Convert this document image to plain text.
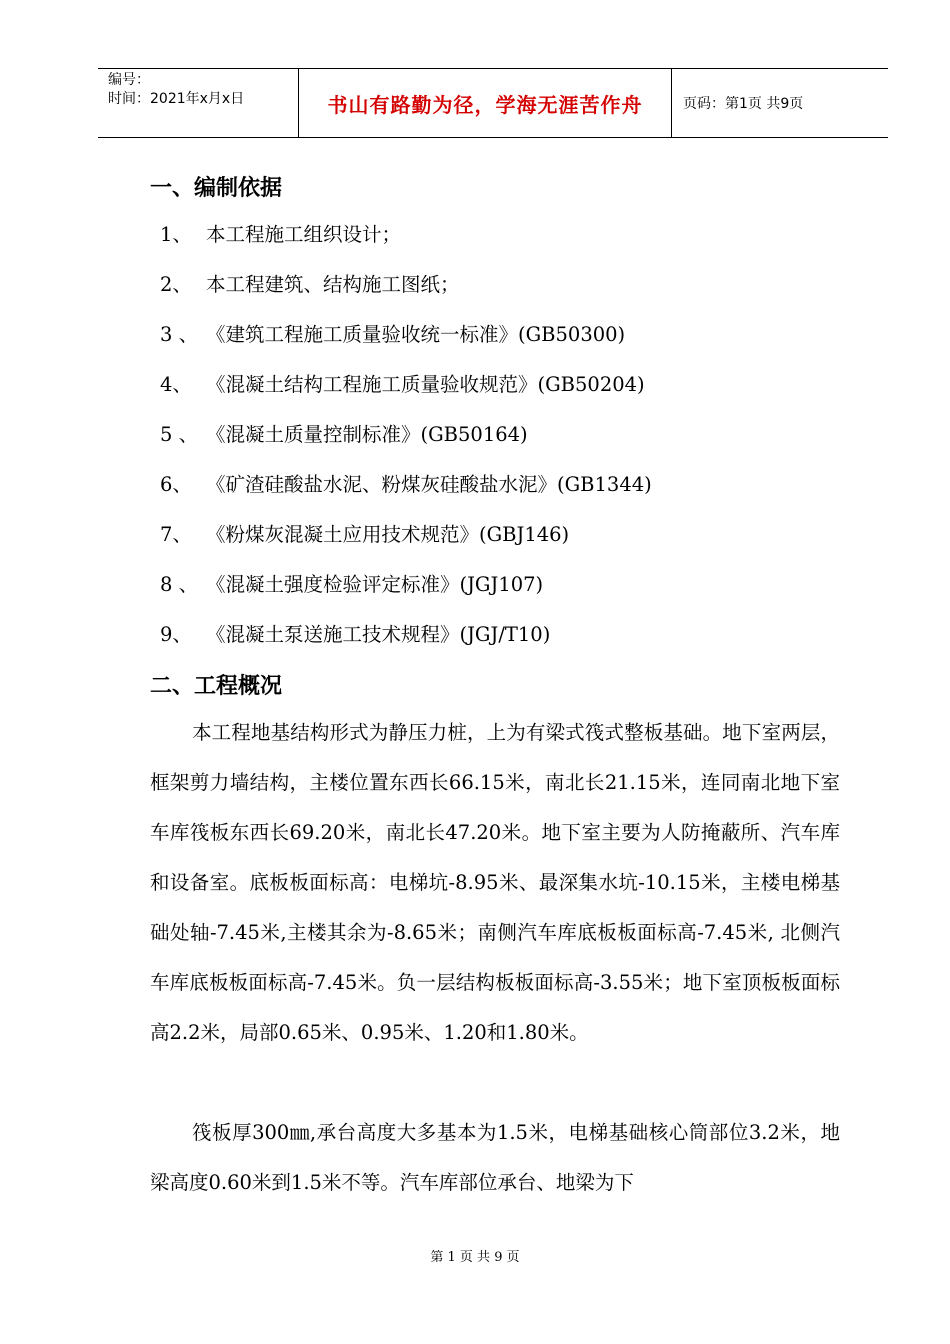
编号：
时间：2021年x月x日	书山有路勤为径，学海无涯苦作舟	页码：第1页 共9页
一、编制依据
1、 本工程施工组织设计；
2、 本工程建筑、结构施工图纸；
3 、 《建筑工程施工质量验收统一标准》(GB50300)
4、 《混凝土结构工程施工质量验收规范》(GB50204)
5 、 《混凝土质量控制标准》(GB50164)
6、 《矿渣硅酸盐水泥、粉煤灰硅酸盐水泥》(GB1344)
7、 《粉煤灰混凝土应用技术规范》(GBJ146)
8 、 《混凝土强度检验评定标准》(JGJ107)
9、 《混凝土泵送施工技术规程》(JGJ/T10)
二、工程概况

本工程地基结构形式为静压力桩，上为有梁式筏式整板基础。地下室两层，框架剪力墙结构，主楼位置东西长66.15米，南北长21.15米，连同南北地下室车库筏板东西长69.20米，南北长47.20米。地下室主要为人防掩蔽所、汽车库和设备室。底板板面标高：电梯坑-8.95米、最深集水坑-10.15米，主楼电梯基础处轴-7.45米,主楼其余为-8.65米；南侧汽车库底板板面标高-7.45米, 北侧汽车库底板板面标高-7.45米。负一层结构板板面标高-3.55米；地下室顶板板面标高2.2米，局部0.65米、0.95米、1.20和1.80米。

筏板厚300㎜,承台高度大多基本为1.5米，电梯基础核心筒部位3.2米，地梁高度0.60米到1.5米不等。汽车库部位承台、地梁为下

第 1 页 共 9 页
